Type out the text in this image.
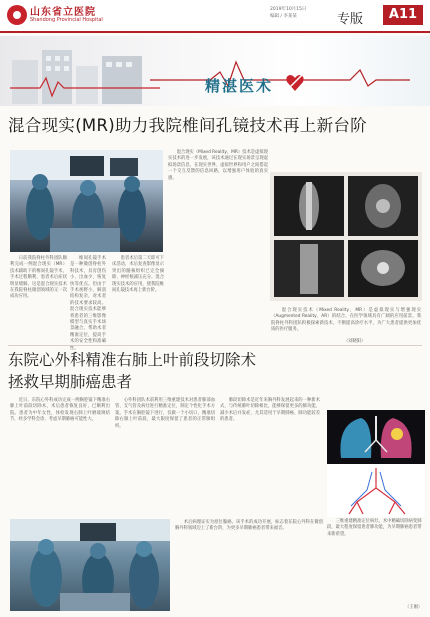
山东省立医院
Shandong Provincial Hospital
2019年10月15日
编辑 / 李某某	专版	A11
精湛医术
混合现实(MR)助力我院椎间孔镜技术再上新台阶
　　日前我院脊柱外科团队顺利完成一例混合现实（MR）技术辅助下的椎间孔镜手术，手术过程顺利，患者术后症状明显缓解。这是混合现实技术在我院脊柱微创领域的又一次成功应用。
　　椎间孔镜手术是一种微创脊柱外科技术，具有创伤小、出血少、恢复快等优点。但由于手术视野小、解剖结构复杂，对术者的技术要求较高。混合现实技术能够将患者的三维影像模型与真实手术场景融合，帮助术者精准定位，提高手术的安全性和准确性。
　　患者术后第二天即可下床活动，术后复查影像显示突出的髓核组织已完全摘除，神经根减压充分。混合现实技术的应用，使我院椎间孔镜技术再上新台阶。
　　混合现实（Mixed Reality，MR）技术是虚拟现实技术的进一步发展，该技术通过在现实场景呈现虚拟场景信息，在现实世界、虚拟世界和用户之间搭起一个交互反馈的信息回路，以增强用户体验的真实感。
　　混合现实技术（Mixed Reality，MR）是虚拟现实与增强现实（Augmented Reality，AR）的结合，在医学领域具有广阔的应用前景。我院脊柱外科团队积极探索新技术，不断提高诊疗水平，为广大患者提供更加优质的医疗服务。
（刘晓阳）
东院心外科精准右肺上叶前段切除术
拯救早期肺癌患者
　　近日，东院心外科成功完成一例胸腔镜下精准右肺上叶前段切除术，术后患者恢复良好，已顺利出院。患者为中年女性，体检发现右肺上叶磨玻璃结节，经多学科会诊，考虑早期肺癌可能性大。
　　心外科团队术前利用三维重建技术对患者肺部血管、支气管及病灶进行精准定位，制定个性化手术方案。手术在胸腔镜下进行，仅做一个小切口，精准切除右肺上叶前段，最大限度保留了患者的正常肺组织。
　　肺段切除术是近年来胸外科发展起来的一种新术式，与传统肺叶切除相比，能够保留更多的肺功能，减少术后并发症，尤其适用于早期肺癌、肺功能较差的患者。
　　术后病理证实为原位腺癌。该手术的成功开展，标志着东院心外科在微创胸外科领域迈上了新台阶，为更多早期肺癌患者带来福音。
　　三维重建精准定位病灶，术中精确切除病变肺段，最大程度保留患者肺功能，为早期肺癌患者带来新希望。
（王刚）
